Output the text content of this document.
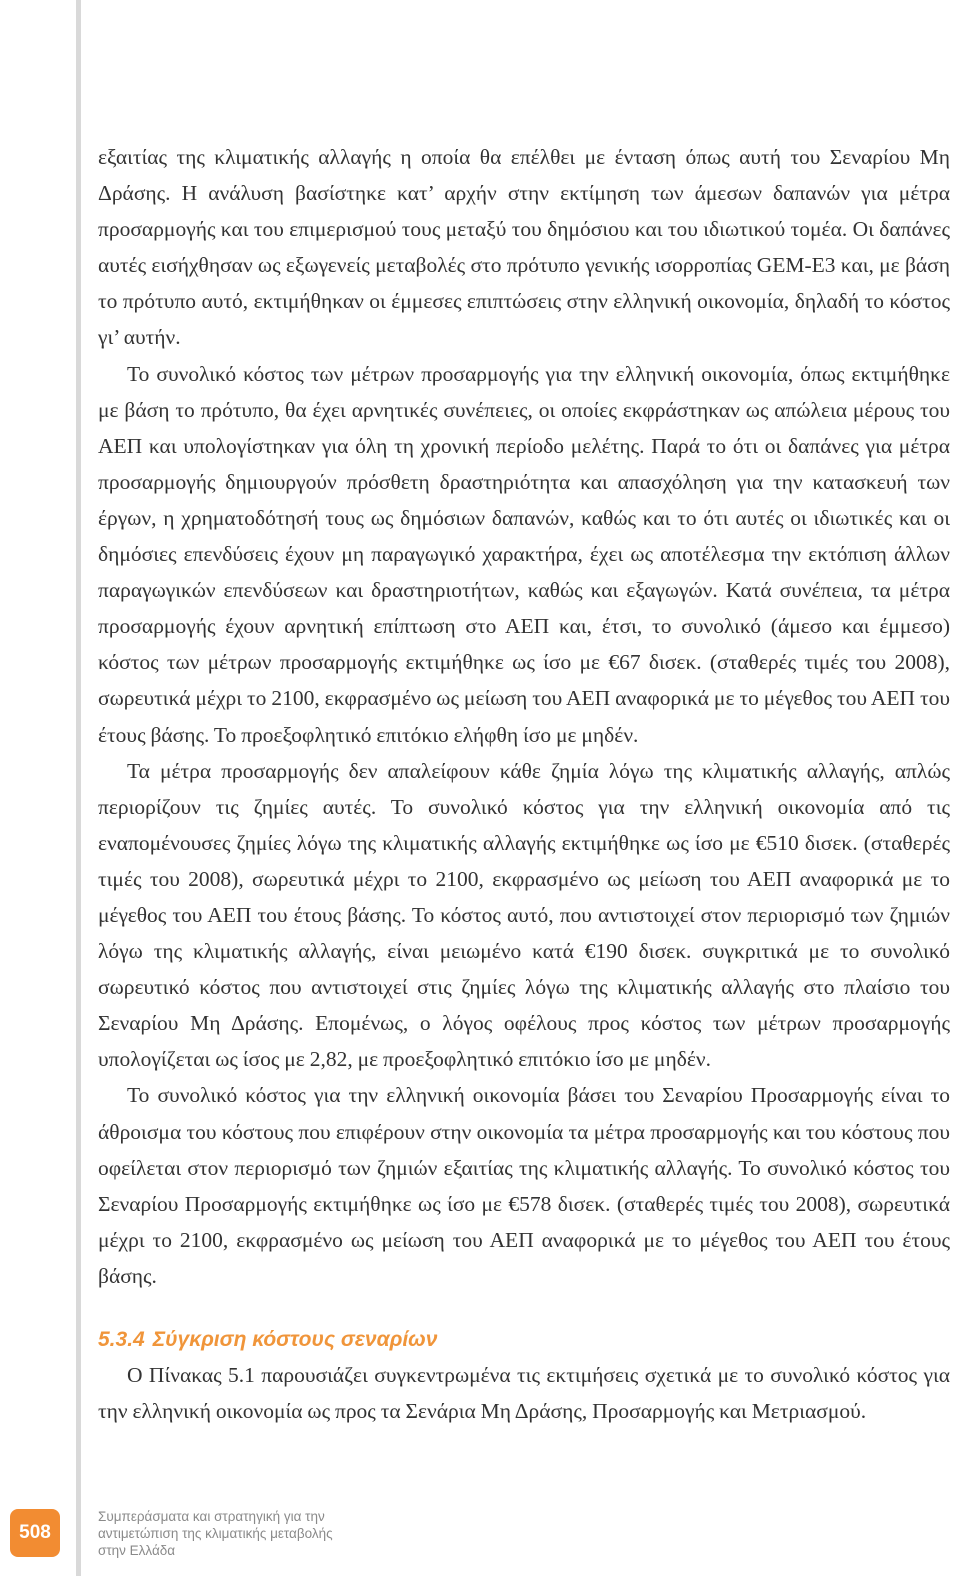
εξαιτίας της κλιματικής αλλαγής η οποία θα επέλθει με ένταση όπως αυτή του Σεναρίου Μη Δράσης. Η ανάλυση βασίστηκε κατ’ αρχήν στην εκτίμηση των άμεσων δαπανών για μέτρα προσαρμογής και του επιμερισμού τους μεταξύ του δημόσιου και του ιδιωτικού τομέα. Οι δαπάνες αυτές εισήχθησαν ως εξωγενείς μεταβολές στο πρότυπο γενικής ισορροπίας GEM-E3 και, με βάση το πρότυπο αυτό, εκτιμήθηκαν οι έμμεσες επιπτώσεις στην ελληνική οικονομία, δηλαδή το κόστος γι’ αυτήν.

Το συνολικό κόστος των μέτρων προσαρμογής για την ελληνική οικονομία, όπως εκτιμήθηκε με βάση το πρότυπο, θα έχει αρνητικές συνέπειες, οι οποίες εκφράστηκαν ως απώλεια μέρους του ΑΕΠ και υπολογίστηκαν για όλη τη χρονική περίοδο μελέτης. Παρά το ότι οι δαπάνες για μέτρα προσαρμογής δημιουργούν πρόσθετη δραστηριότητα και απασχόληση για την κατασκευή των έργων, η χρηματοδότησή τους ως δημόσιων δαπανών, καθώς και το ότι αυτές οι ιδιωτικές και οι δημόσιες επενδύσεις έχουν μη παραγωγικό χαρακτήρα, έχει ως αποτέλεσμα την εκτόπιση άλλων παραγωγικών επενδύσεων και δραστηριοτήτων, καθώς και εξαγωγών. Κατά συνέπεια, τα μέτρα προσαρμογής έχουν αρνητική επίπτωση στο ΑΕΠ και, έτσι, το συνολικό (άμεσο και έμμεσο) κόστος των μέτρων προσαρμογής εκτιμήθηκε ως ίσο με €67 δισεκ. (σταθερές τιμές του 2008), σωρευτικά μέχρι το 2100, εκφρασμένο ως μείωση του ΑΕΠ αναφορικά με το μέγεθος του ΑΕΠ του έτους βάσης. Το προεξοφλητικό επιτόκιο ελήφθη ίσο με μηδέν.

Τα μέτρα προσαρμογής δεν απαλείφουν κάθε ζημία λόγω της κλιματικής αλλαγής, απλώς περιορίζουν τις ζημίες αυτές. Το συνολικό κόστος για την ελληνική οικονομία από τις εναπομένουσες ζημίες λόγω της κλιματικής αλλαγής εκτιμήθηκε ως ίσο με €510 δισεκ. (σταθερές τιμές του 2008), σωρευτικά μέχρι το 2100, εκφρασμένο ως μείωση του ΑΕΠ αναφορικά με το μέγεθος του ΑΕΠ του έτους βάσης. Το κόστος αυτό, που αντιστοιχεί στον περιορισμό των ζημιών λόγω της κλιματικής αλλαγής, είναι μειωμένο κατά €190 δισεκ. συγκριτικά με το συνολικό σωρευτικό κόστος που αντιστοιχεί στις ζημίες λόγω της κλιματικής αλλαγής στο πλαίσιο του Σεναρίου Μη Δράσης. Επομένως, ο λόγος οφέλους προς κόστος των μέτρων προσαρμογής υπολογίζεται ως ίσος με 2,82, με προεξοφλητικό επιτόκιο ίσο με μηδέν.

Το συνολικό κόστος για την ελληνική οικονομία βάσει του Σεναρίου Προσαρμογής είναι το άθροισμα του κόστους που επιφέρουν στην οικονομία τα μέτρα προσαρμογής και του κόστους που οφείλεται στον περιορισμό των ζημιών εξαιτίας της κλιματικής αλλαγής. Το συνολικό κόστος του Σεναρίου Προσαρμογής εκτιμήθηκε ως ίσο με €578 δισεκ. (σταθερές τιμές του 2008), σωρευτικά μέχρι το 2100, εκφρασμένο ως μείωση του ΑΕΠ αναφορικά με το μέγεθος του ΑΕΠ του έτους βάσης.

5.3.4 Σύγκριση κόστους σεναρίων

Ο Πίνακας 5.1 παρουσιάζει συγκεντρωμένα τις εκτιμήσεις σχετικά με το συνολικό κόστος για την ελληνική οικονομία ως προς τα Σενάρια Μη Δράσης, Προσαρμογής και Μετριασμού.

508
Συμπεράσματα και στρατηγική για την
αντιμετώπιση της κλιματικής μεταβολής
στην Ελλάδα
